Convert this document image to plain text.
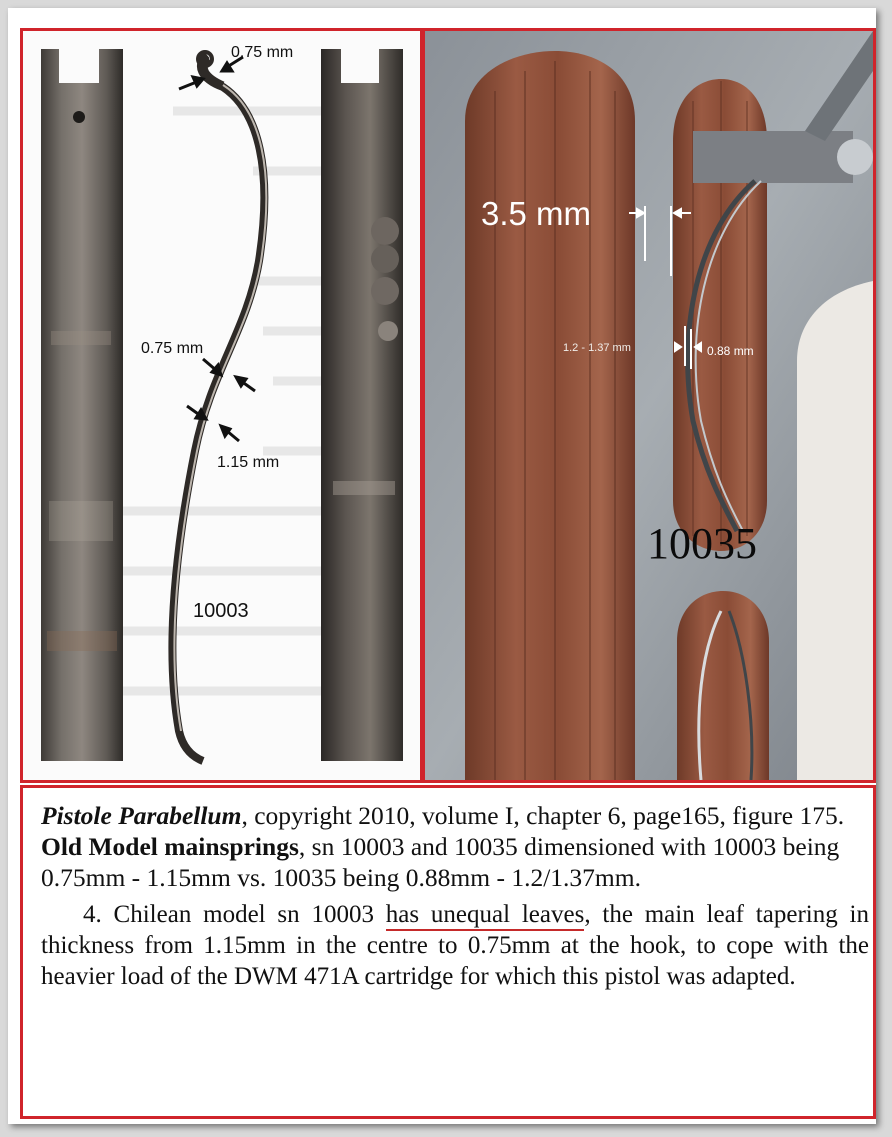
0.75 mm
0.75 mm
1.15 mm
10003
3.5 mm
1.2 - 1.37 mm	0.88 mm
10035

Pistole Parabellum, copyright 2010, volume I, chapter 6, page165, figure 175. Old Model mainsprings, sn 10003 and 10035 dimensioned with 10003 being 0.75mm - 1.15mm vs. 10035 being 0.88mm - 1.2/1.37mm.

4. Chilean model sn 10003 has unequal leaves, the main leaf tapering in thickness from 1.15mm in the centre to 0.75mm at the hook, to cope with the heavier load of the DWM 471A cartridge for which this pistol was adapted.
